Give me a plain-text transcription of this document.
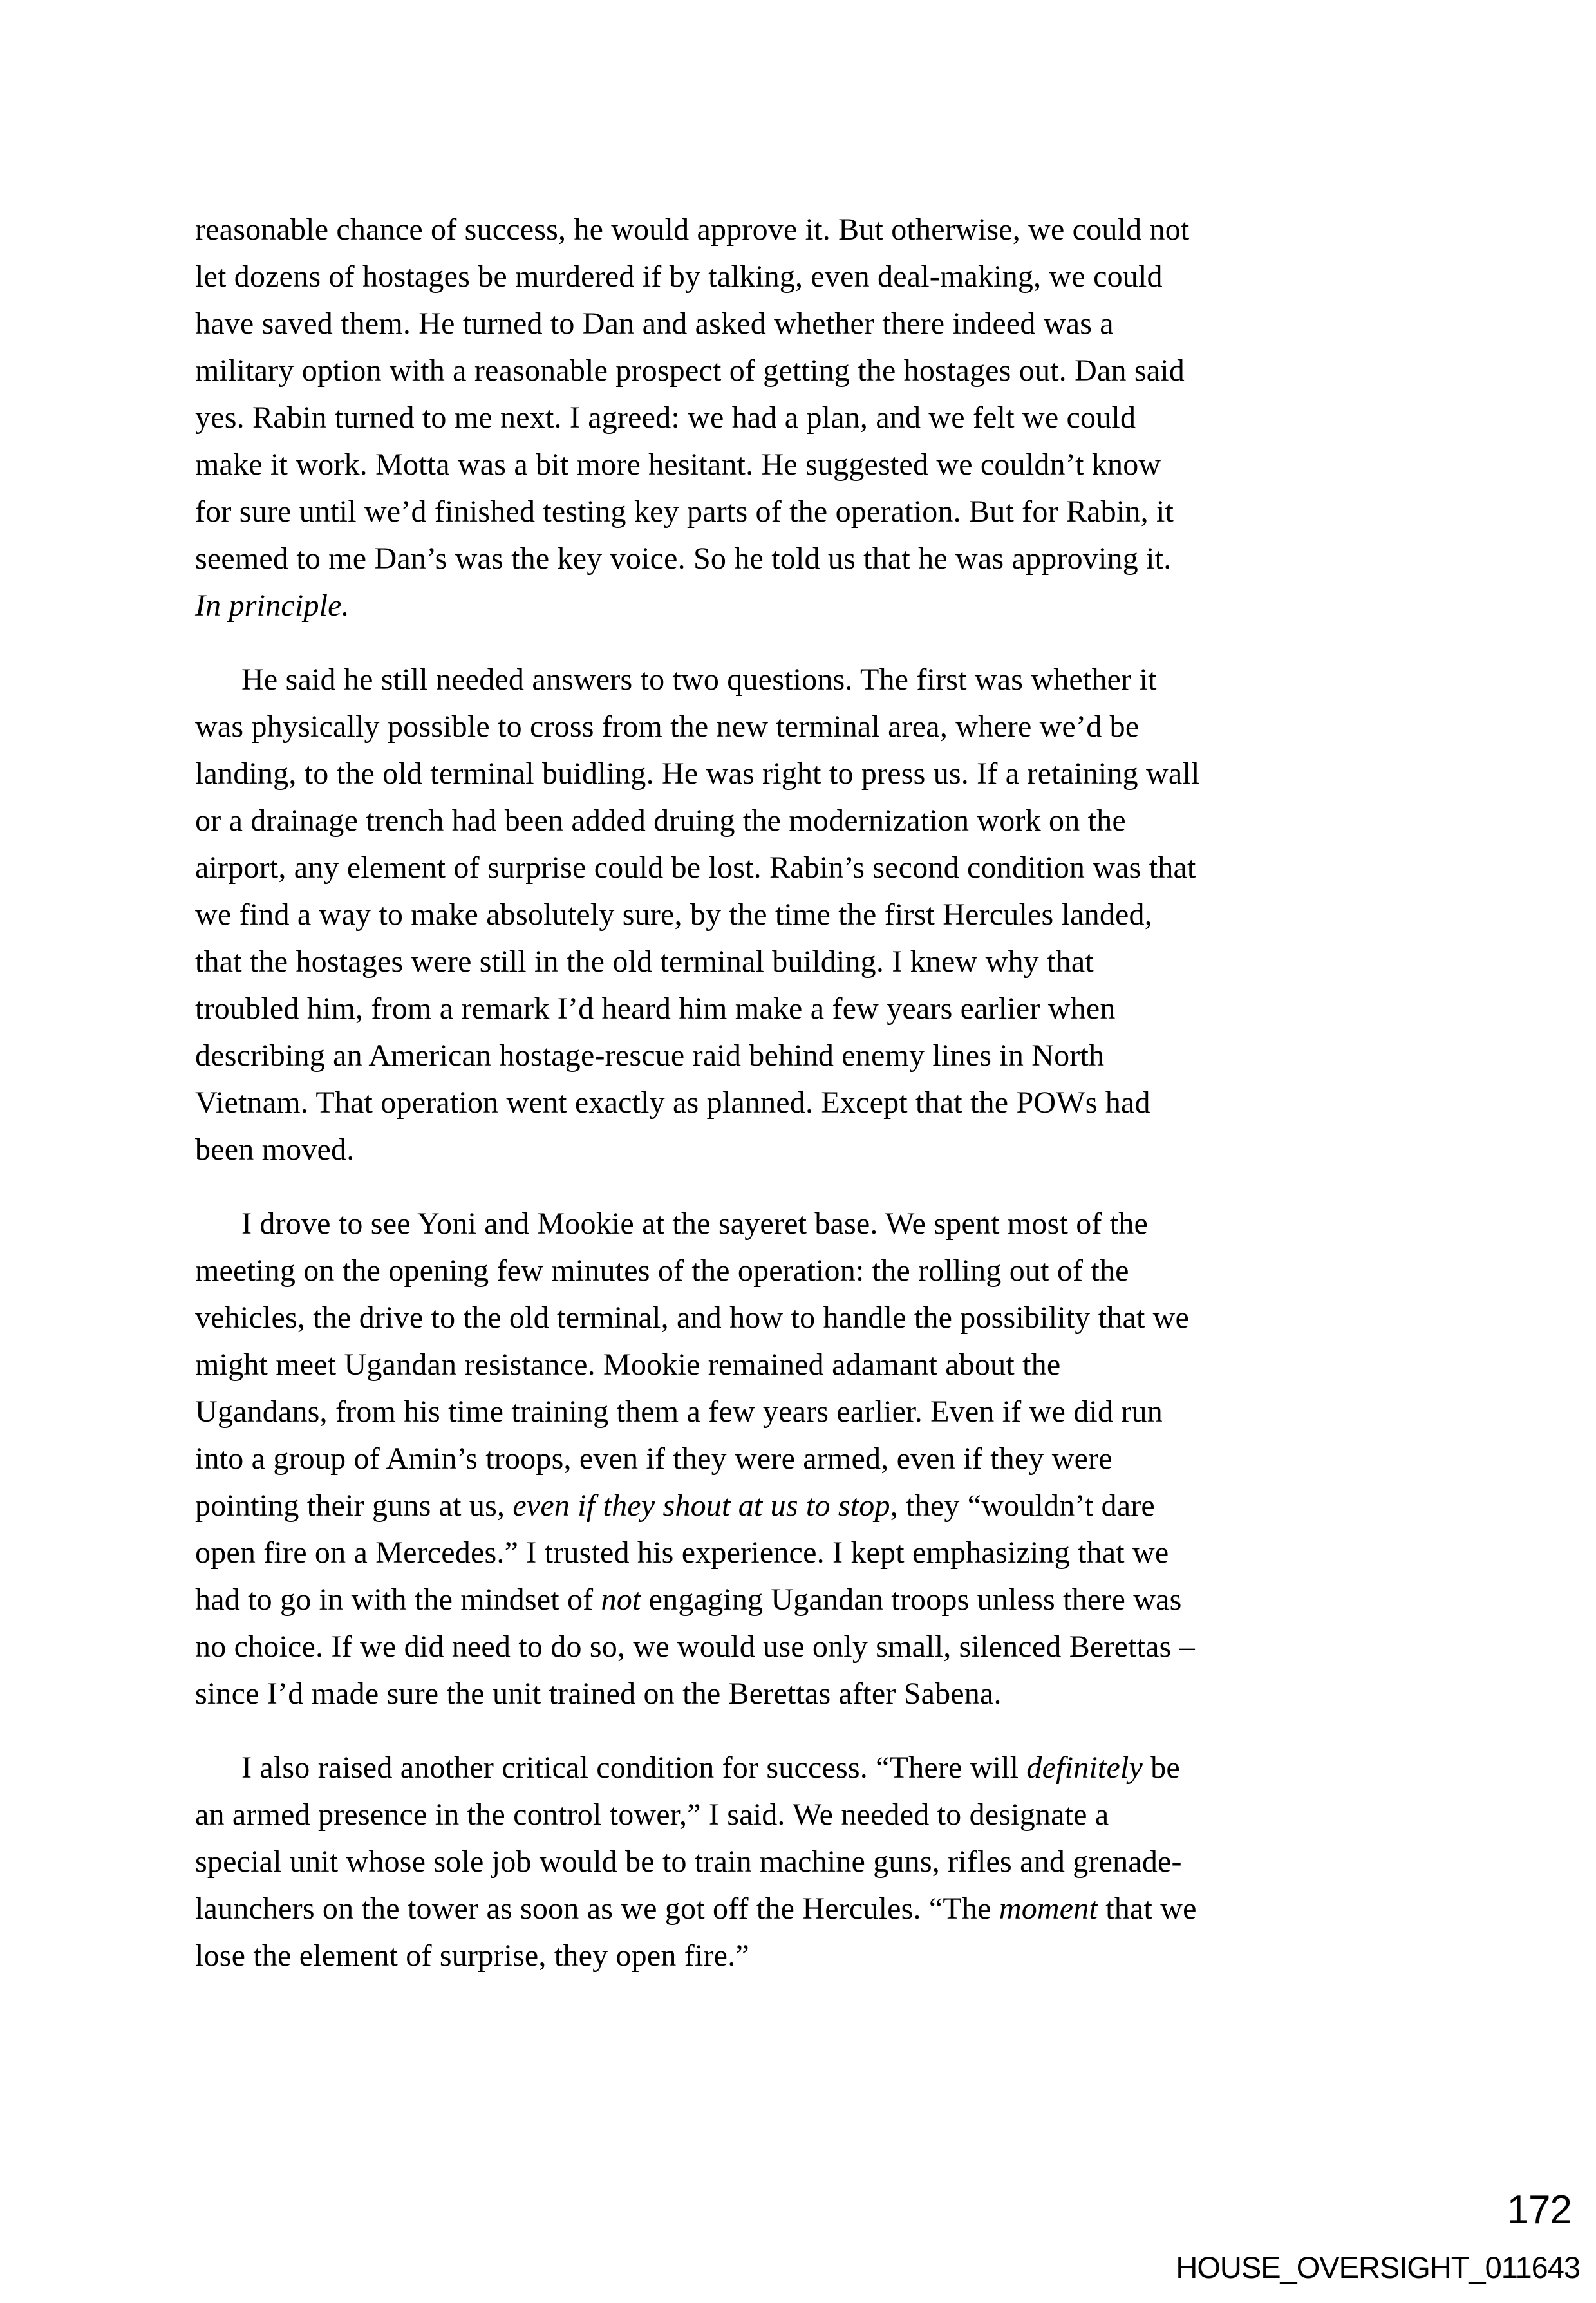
reasonable chance of success, he would approve it. But otherwise, we could not
let dozens of hostages be murdered if by talking, even deal-making, we could
have saved them. He turned to Dan and asked whether there indeed was a
military option with a reasonable prospect of getting the hostages out. Dan said
yes. Rabin turned to me next. I agreed: we had a plan, and we felt we could
make it work. Motta was a bit more hesitant. He suggested we couldn’t know
for sure until we’d finished testing key parts of the operation. But for Rabin, it
seemed to me Dan’s was the key voice. So he told us that he was approving it.
In principle.
He said he still needed answers to two questions. The first was whether it
was physically possible to cross from the new terminal area, where we’d be
landing, to the old terminal buidling. He was right to press us. If a retaining wall
or a drainage trench had been added druing the modernization work on the
airport, any element of surprise could be lost. Rabin’s second condition was that
we find a way to make absolutely sure, by the time the first Hercules landed,
that the hostages were still in the old terminal building. I knew why that
troubled him, from a remark I’d heard him make a few years earlier when
describing an American hostage-rescue raid behind enemy lines in North
Vietnam. That operation went exactly as planned. Except that the POWs had
been moved.
I drove to see Yoni and Mookie at the sayeret base. We spent most of the
meeting on the opening few minutes of the operation: the rolling out of the
vehicles, the drive to the old terminal, and how to handle the possibility that we
might meet Ugandan resistance. Mookie remained adamant about the
Ugandans, from his time training them a few years earlier. Even if we did run
into a group of Amin’s troops, even if they were armed, even if they were
pointing their guns at us, even if they shout at us to stop, they “wouldn’t dare
open fire on a Mercedes.” I trusted his experience. I kept emphasizing that we
had to go in with the mindset of not engaging Ugandan troops unless there was
no choice. If we did need to do so, we would use only small, silenced Berettas –
since I’d made sure the unit trained on the Berettas after Sabena.
I also raised another critical condition for success. “There will definitely be
an armed presence in the control tower,” I said. We needed to designate a
special unit whose sole job would be to train machine guns, rifles and grenade-
launchers on the tower as soon as we got off the Hercules. “The moment that we
lose the element of surprise, they open fire.”
172
HOUSE_OVERSIGHT_011643
